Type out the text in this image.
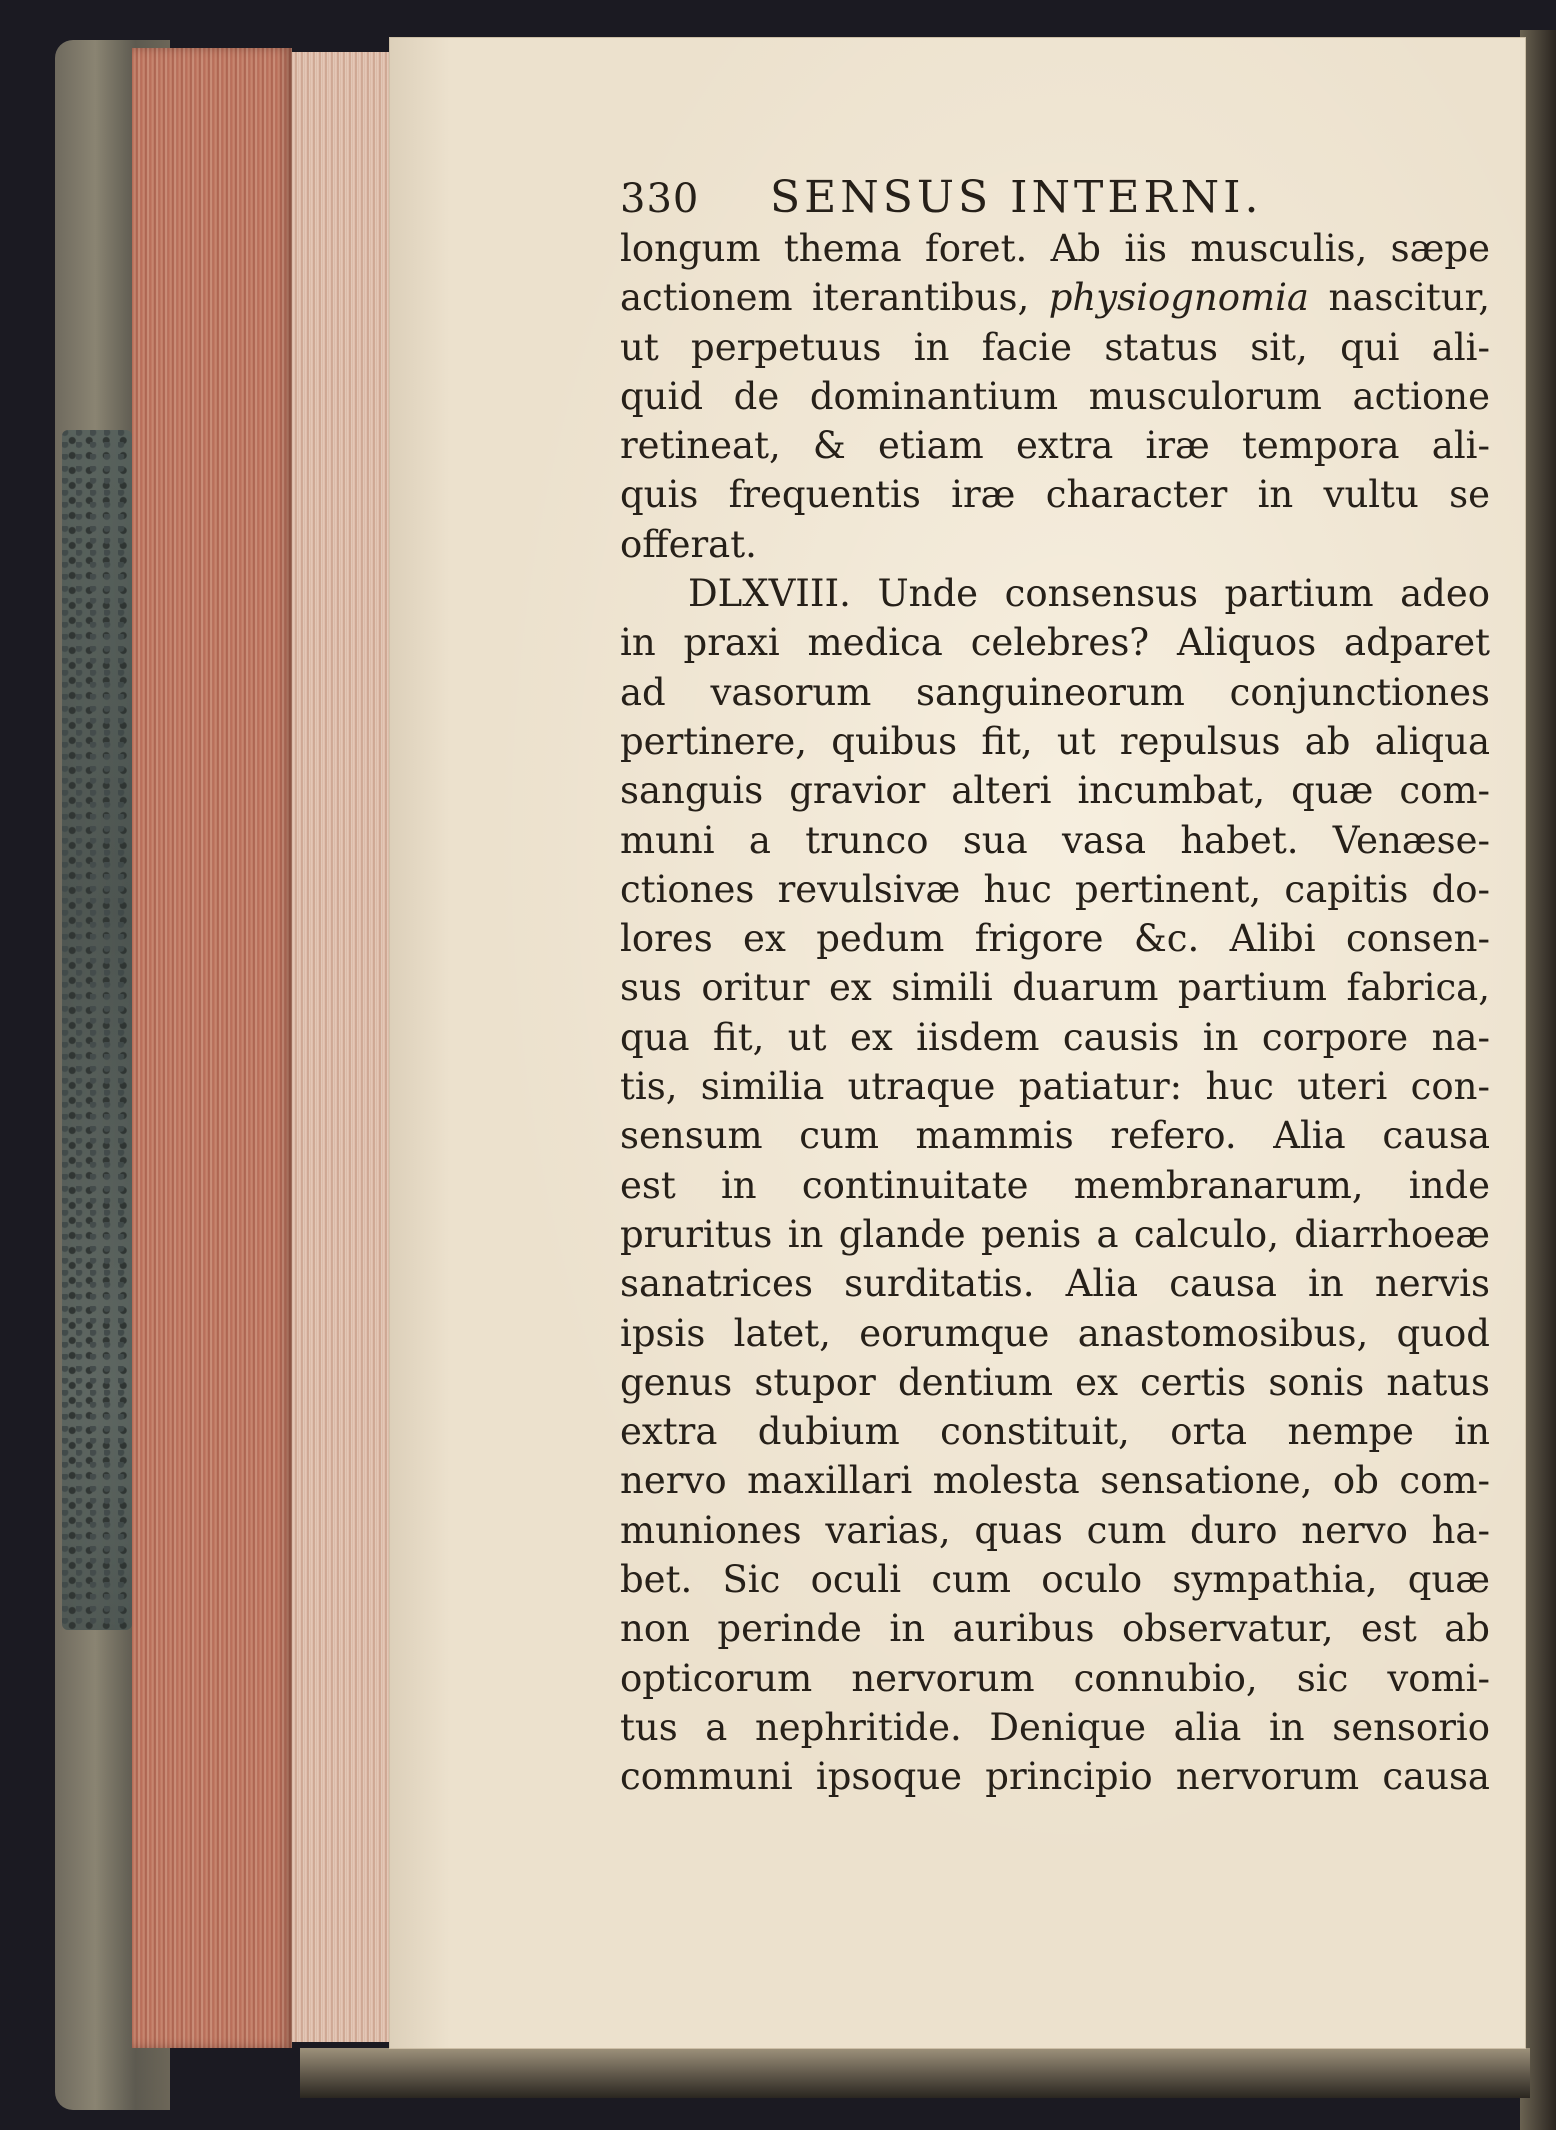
330	SENSUS INTERNI.
longum thema foret. Ab iis musculis, sæpe
actionem iterantibus, physiognomia nascitur,
ut perpetuus in facie status sit, qui ali-
quid de dominantium musculorum actione
retineat, & etiam extra iræ tempora ali-
quis frequentis iræ character in vultu se
offerat.
DLXVIII. Unde consensus partium adeo
in praxi medica celebres? Aliquos adparet
ad vasorum sanguineorum conjunctiones
pertinere, quibus fit, ut repulsus ab aliqua
sanguis gravior alteri incumbat, quæ com-
muni a trunco sua vasa habet. Venæse-
ctiones revulsivæ huc pertinent, capitis do-
lores ex pedum frigore &c. Alibi consen-
sus oritur ex simili duarum partium fabrica,
qua fit, ut ex iisdem causis in corpore na-
tis, similia utraque patiatur: huc uteri con-
sensum cum mammis refero. Alia causa
est in continuitate membranarum, inde
pruritus in glande penis a calculo, diarrhoeæ
sanatrices surditatis. Alia causa in nervis
ipsis latet, eorumque anastomosibus, quod
genus stupor dentium ex certis sonis natus
extra dubium constituit, orta nempe in
nervo maxillari molesta sensatione, ob com-
muniones varias, quas cum duro nervo ha-
bet. Sic oculi cum oculo sympathia, quæ
non perinde in auribus observatur, est ab
opticorum nervorum connubio, sic vomi-
tus a nephritide. Denique alia in sensorio
communi ipsoque principio nervorum causa
